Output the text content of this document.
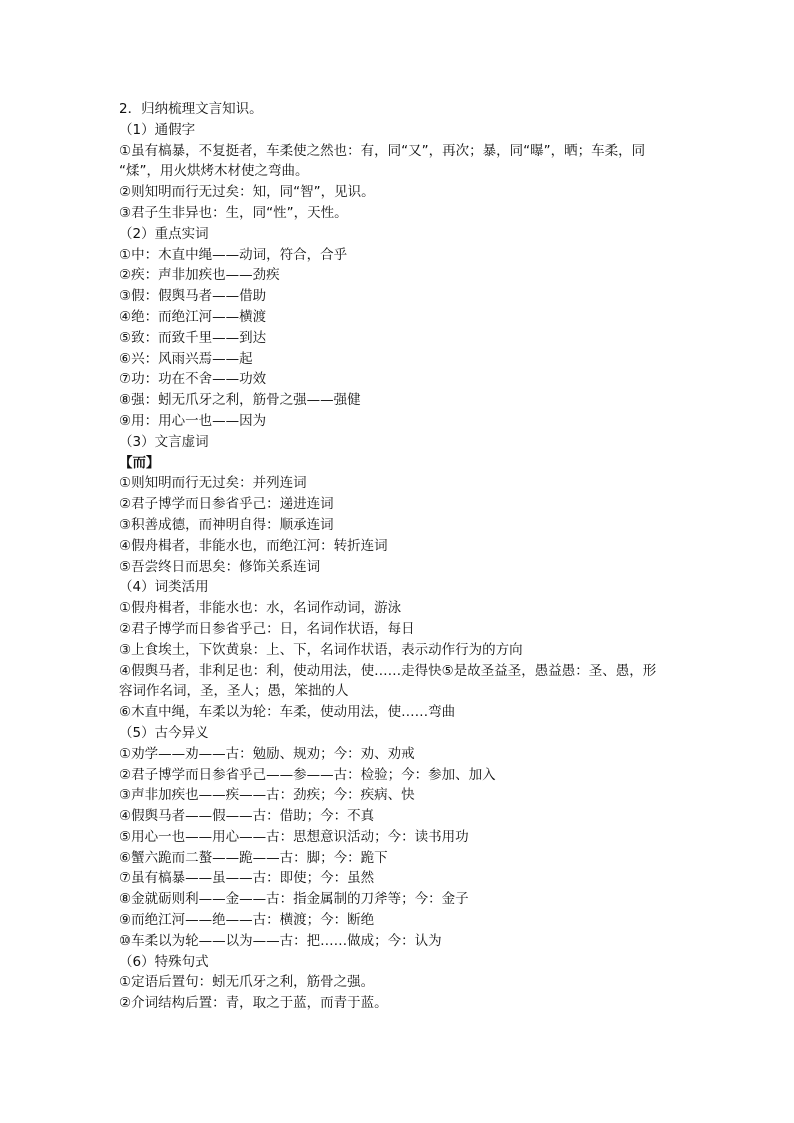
2．归纳梳理文言知识。
（1）通假字
①虽有槁暴，不复挺者，车柔使之然也：有，同“又”，再次；暴，同“曝”，晒；车柔，同
“煣”，用火烘烤木材使之弯曲。
②则知明而行无过矣：知，同“智”，见识。
③君子生非异也：生，同“性”，天性。
（2）重点实词
①中：木直中绳——动词，符合，合乎
②疾：声非加疾也——劲疾
③假：假舆马者——借助
④绝：而绝江河——横渡
⑤致：而致千里——到达
⑥兴：风雨兴焉——起
⑦功：功在不舍——功效
⑧强：蚓无爪牙之利，筋骨之强——强健
⑨用：用心一也——因为
（3）文言虚词
【而】
①则知明而行无过矣：并列连词
②君子博学而日参省乎己：递进连词
③积善成德，而神明自得：顺承连词
④假舟楫者，非能水也，而绝江河：转折连词
⑤吾尝终日而思矣：修饰关系连词
（4）词类活用
①假舟楫者，非能水也：水，名词作动词，游泳
②君子博学而日参省乎己：日，名词作状语，每日
③上食埃土，下饮黄泉：上、下，名词作状语，表示动作行为的方向
④假舆马者，非利足也：利，使动用法，使……走得快⑤是故圣益圣，愚益愚：圣、愚，形
容词作名词，圣，圣人；愚，笨拙的人
⑥木直中绳，车柔以为轮：车柔，使动用法，使……弯曲
（5）古今异义
①劝学——劝——古：勉励、规劝；今：劝、劝戒
②君子博学而日参省乎己——参——古：检验；今：参加、加入
③声非加疾也——疾——古：劲疾；今：疾病、快
④假舆马者——假——古：借助；今：不真
⑤用心一也——用心——古：思想意识活动；今：读书用功
⑥蟹六跪而二螯——跪——古：脚；今：跪下
⑦虽有槁暴——虽——古：即使；今：虽然
⑧金就砺则利——金——古：指金属制的刀斧等；今：金子
⑨而绝江河——绝——古：横渡；今：断绝
⑩车柔以为轮——以为——古：把……做成；今：认为
（6）特殊句式
①定语后置句：蚓无爪牙之利，筋骨之强。
②介词结构后置：青，取之于蓝，而青于蓝。
